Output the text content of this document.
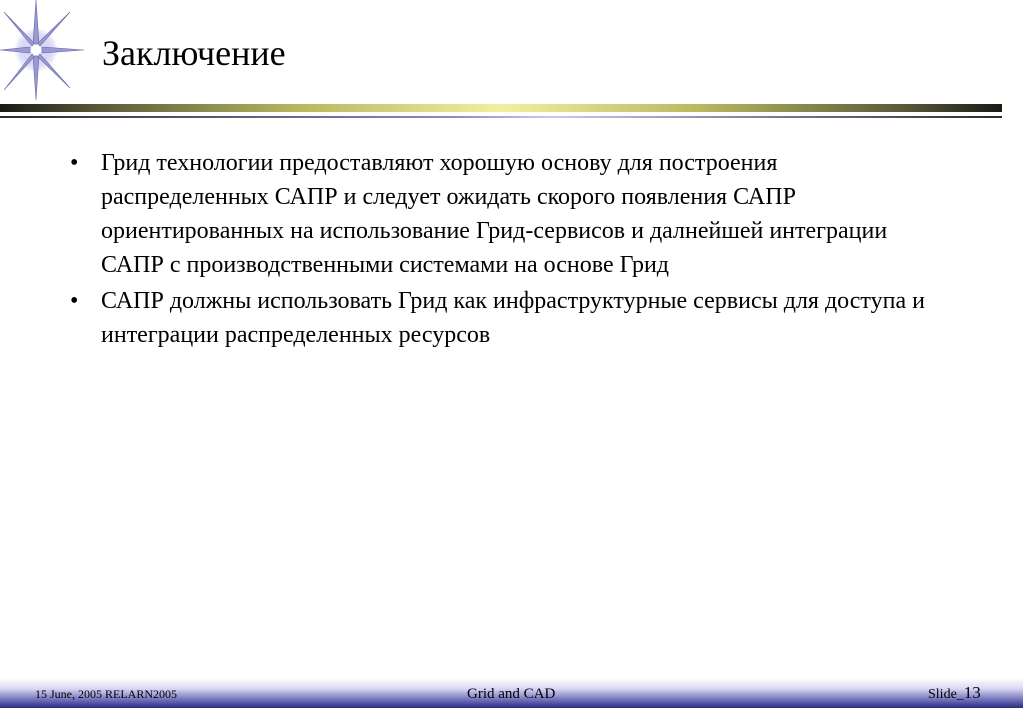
Заключение
• Грид технологии предоставляют хорошую основу для построения распределенных САПР и следует ожидать скорого появления САПР ориентированных на использование Грид-сервисов и далнейшей интеграции САПР с производственными системами на основе Грид
• САПР должны использовать Грид как инфраструктурные сервисы для доступа и интеграции распределенных ресурсов
15 June, 2005 RELARN2005	Grid and CAD	Slide_13
